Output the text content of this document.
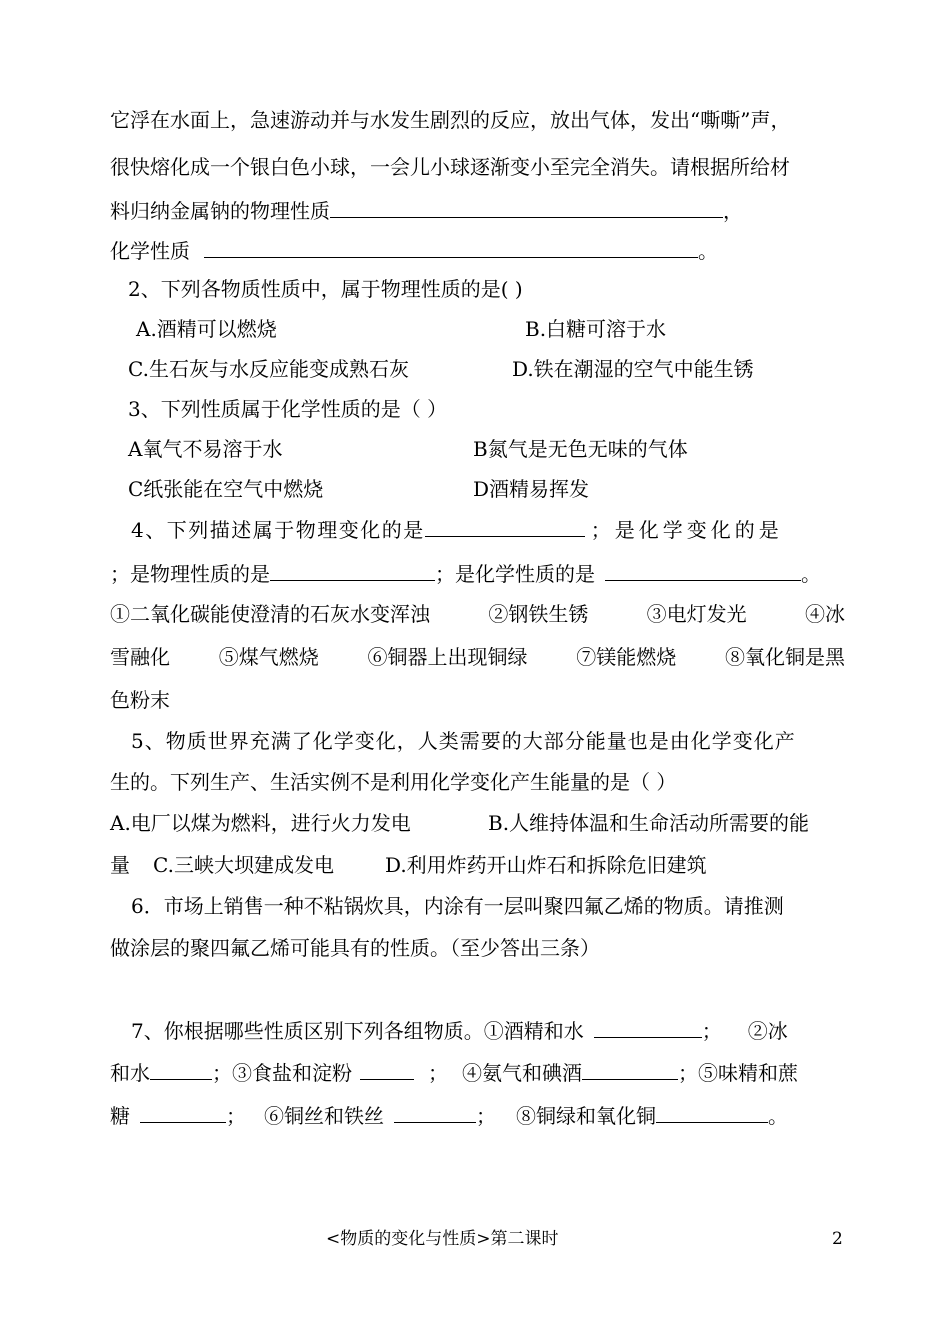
它浮在水面上，急速游动并与水发生剧烈的反应，放出气体，发出“嘶嘶”声，
很快熔化成一个银白色小球，一会儿小球逐渐变小至完全消失。请根据所给材
料归纳金属钠的物理性质	，
化学性质	。
2、下列各物质性质中，属于物理性质的是( )
A.酒精可以燃烧	B.白糖可溶于水
C.生石灰与水反应能变成熟石灰	D.铁在潮湿的空气中能生锈
3、下列性质属于化学性质的是（ ）
A氧气不易溶于水	B氮气是无色无味的气体
C纸张能在空气中燃烧	D酒精易挥发
4、下列描述属于物理变化的是	；是化学变化的是
；是物理性质的是	；是化学性质的是	。
①二氧化碳能使澄清的石灰水变浑浊	②钢铁生锈	③电灯发光	④冰
雪融化 ⑤煤气燃烧 ⑥铜器上出现铜绿 ⑦镁能燃烧 ⑧氧化铜是黑
色粉末
5、物质世界充满了化学变化，人类需要的大部分能量也是由化学变化产
生的。下列生产、生活实例不是利用化学变化产生能量的是（ ）
A.电厂以煤为燃料，进行火力发电	B.人维持体温和生命活动所需要的能
量 C.三峡大坝建成发电	D.利用炸药开山炸石和拆除危旧建筑
6．市场上销售一种不粘锅炊具，内涂有一层叫聚四氟乙烯的物质。请推测
做涂层的聚四氟乙烯可能具有的性质。（至少答出三条）
7、你根据哪些性质区别下列各组物质。①酒精和水	； ②冰
和水	；③食盐和淀粉	； ④氨气和碘酒	；⑤味精和蔗
糖	； ⑥铜丝和铁丝	； ⑧铜绿和氧化铜	。
<物质的变化与性质>第二课时	2
